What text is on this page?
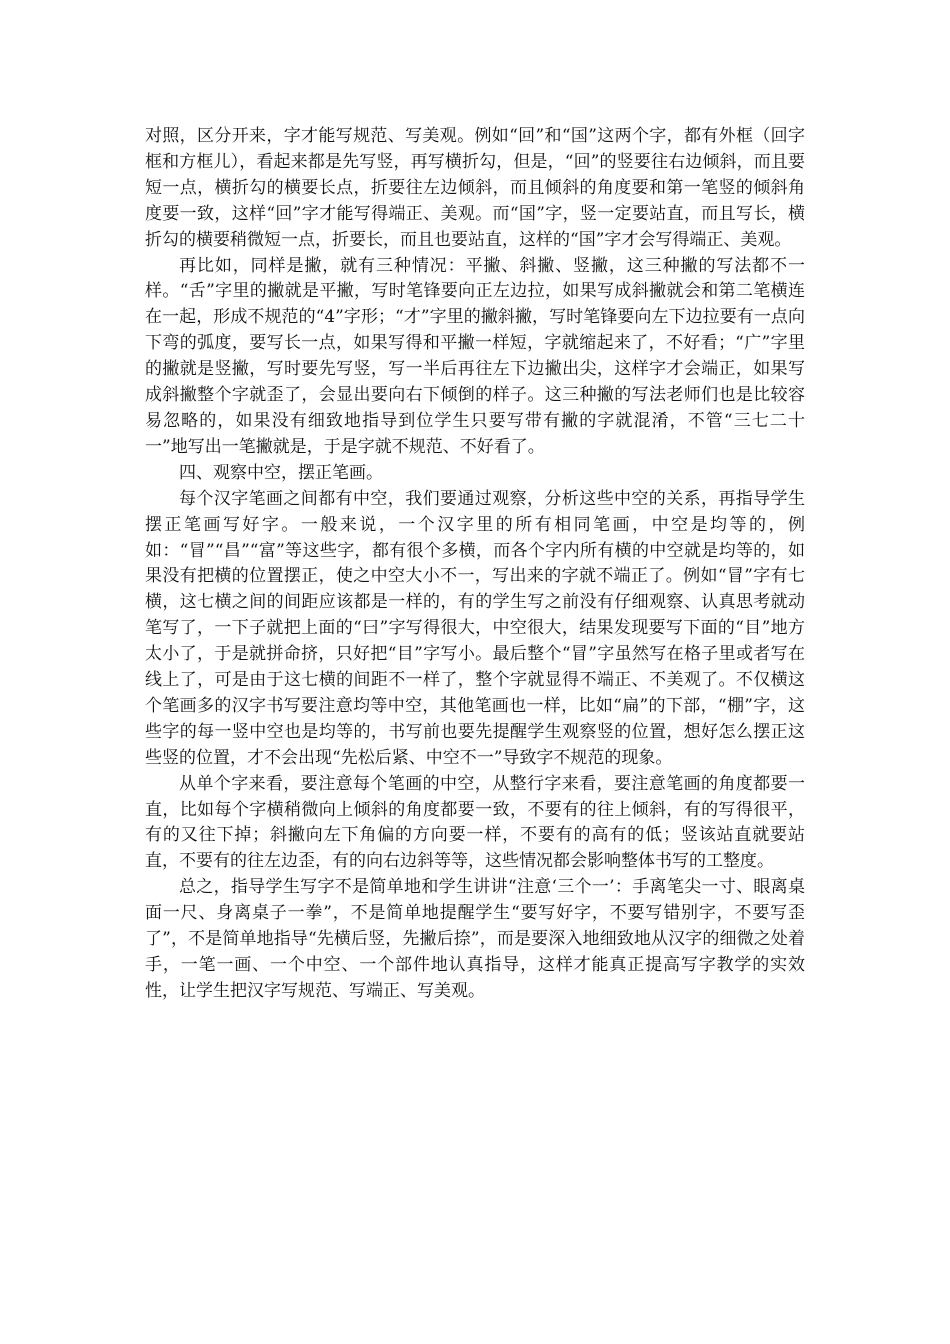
对照，区分开来，字才能写规范、写美观。例如“回”和“国”这两个字，都有外框（回字框和方框儿），看起来都是先写竖，再写横折勾，但是，“回”的竖要往右边倾斜，而且要短一点，横折勾的横要长点，折要往左边倾斜，而且倾斜的角度要和第一笔竖的倾斜角度要一致，这样“回”字才能写得端正、美观。而“国”字，竖一定要站直，而且写长，横折勾的横要稍微短一点，折要长，而且也要站直，这样的“国”字才会写得端正、美观。

再比如，同样是撇，就有三种情况：平撇、斜撇、竖撇，这三种撇的写法都不一样。“舌”字里的撇就是平撇，写时笔锋要向正左边拉，如果写成斜撇就会和第二笔横连在一起，形成不规范的“4”字形；“才”字里的撇斜撇，写时笔锋要向左下边拉要有一点向下弯的弧度，要写长一点，如果写得和平撇一样短，字就缩起来了，不好看；“广”字里的撇就是竖撇，写时要先写竖，写一半后再往左下边撇出尖，这样字才会端正，如果写成斜撇整个字就歪了，会显出要向右下倾倒的样子。这三种撇的写法老师们也是比较容易忽略的，如果没有细致地指导到位学生只要写带有撇的字就混淆，不管“三七二十一”地写出一笔撇就是，于是字就不规范、不好看了。

四、观察中空，摆正笔画。

每个汉字笔画之间都有中空，我们要通过观察，分析这些中空的关系，再指导学生摆正笔画写好字。一般来说，一个汉字里的所有相同笔画，中空是均等的，例如：“冒”“昌”“富”等这些字，都有很个多横，而各个字内所有横的中空就是均等的，如果没有把横的位置摆正，使之中空大小不一，写出来的字就不端正了。例如“冒”字有七横，这七横之间的间距应该都是一样的，有的学生写之前没有仔细观察、认真思考就动笔写了，一下子就把上面的“曰”字写得很大，中空很大，结果发现要写下面的“目”地方太小了，于是就拼命挤，只好把“目”字写小。最后整个“冒”字虽然写在格子里或者写在线上了，可是由于这七横的间距不一样了，整个字就显得不端正、不美观了。不仅横这个笔画多的汉字书写要注意均等中空，其他笔画也一样，比如“扁”的下部，“棚”字，这些字的每一竖中空也是均等的，书写前也要先提醒学生观察竖的位置，想好怎么摆正这些竖的位置，才不会出现“先松后紧、中空不一”导致字不规范的现象。

从单个字来看，要注意每个笔画的中空，从整行字来看，要注意笔画的角度都要一直，比如每个字横稍微向上倾斜的角度都要一致，不要有的往上倾斜，有的写得很平，有的又往下掉；斜撇向左下角偏的方向要一样，不要有的高有的低；竖该站直就要站直，不要有的往左边歪，有的向右边斜等等，这些情况都会影响整体书写的工整度。

总之，指导学生写字不是简单地和学生讲讲“注意‘三个一’：手离笔尖一寸、眼离桌面一尺、身离桌子一拳”，不是简单地提醒学生“要写好字，不要写错别字，不要写歪了”，不是简单地指导“先横后竖，先撇后捺”，而是要深入地细致地从汉字的细微之处着手，一笔一画、一个中空、一个部件地认真指导，这样才能真正提高写字教学的实效性，让学生把汉字写规范、写端正、写美观。
